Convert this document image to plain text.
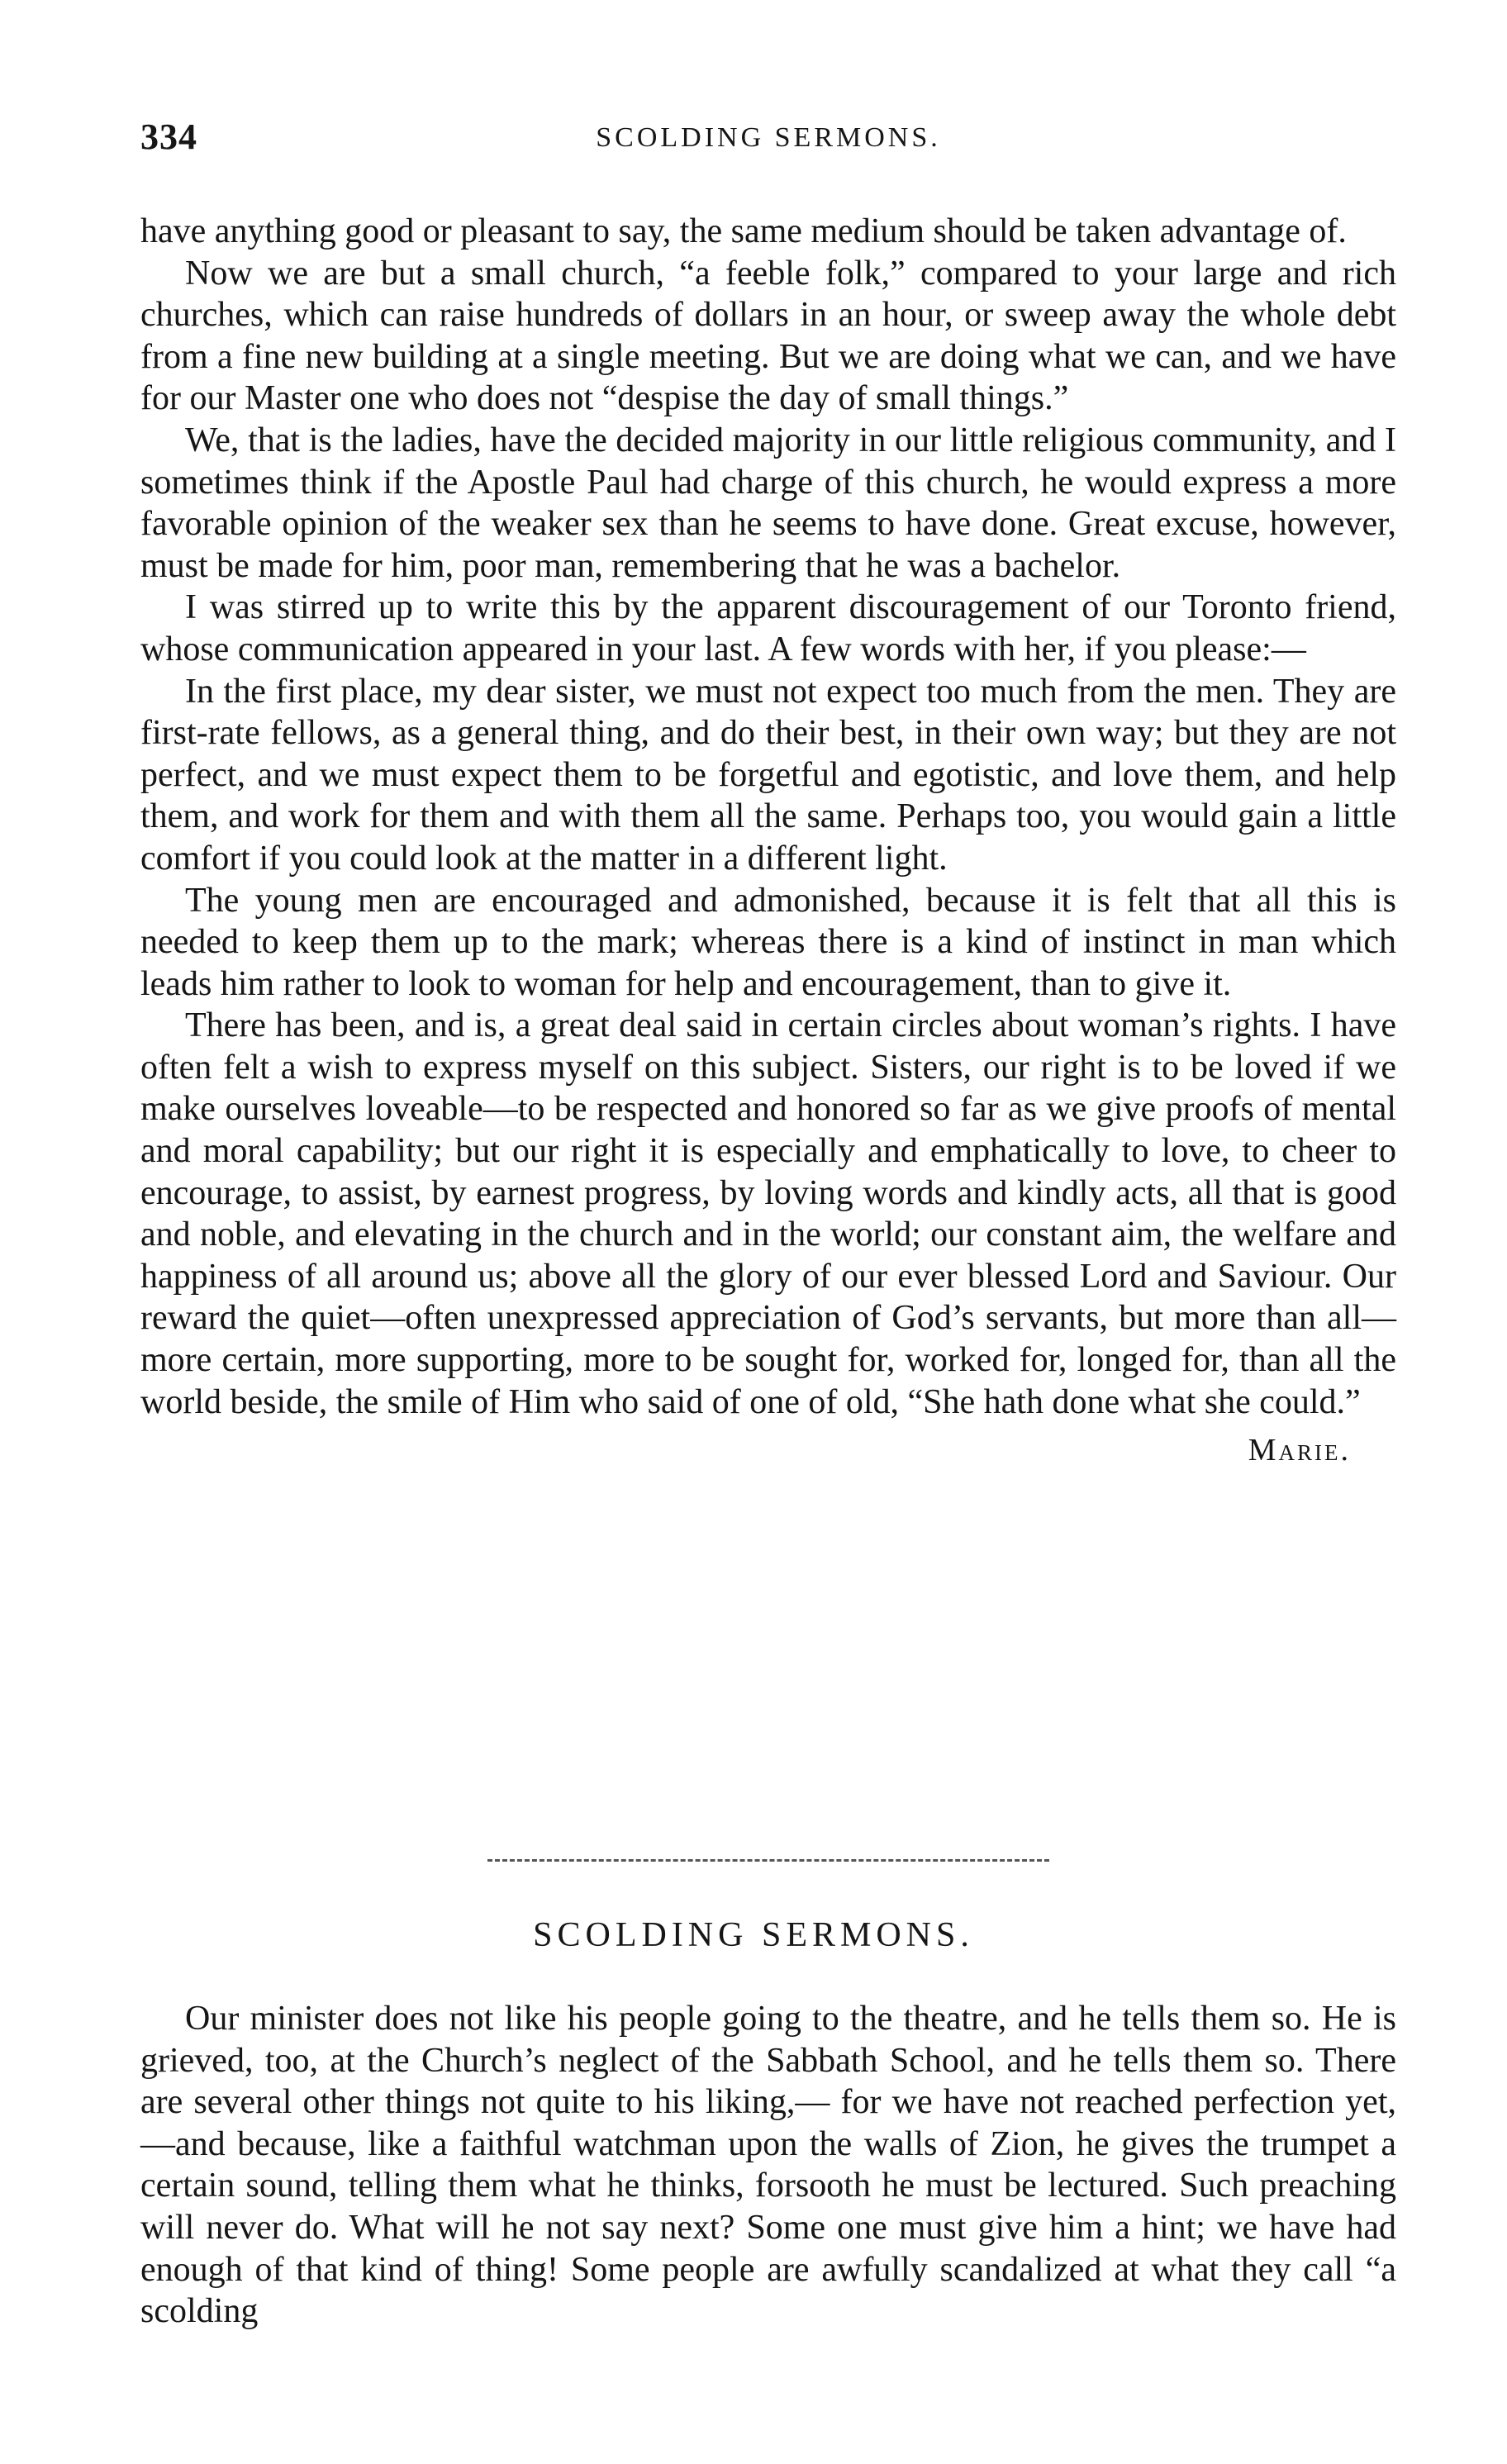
334	SCOLDING SERMONS.

have anything good or pleasant to say, the same medium should be taken advantage of.

Now we are but a small church, “a feeble folk,” compared to your large and rich churches, which can raise hundreds of dollars in an hour, or sweep away the whole debt from a fine new building at a single meeting. But we are doing what we can, and we have for our Master one who does not “despise the day of small things.”

We, that is the ladies, have the decided majority in our little religious community, and I sometimes think if the Apostle Paul had charge of this church, he would express a more favorable opinion of the weaker sex than he seems to have done. Great excuse, however, must be made for him, poor man, remembering that he was a bachelor.

I was stirred up to write this by the apparent discouragement of our Toronto friend, whose communication appeared in your last. A few words with her, if you please:—

In the first place, my dear sister, we must not expect too much from the men. They are first-rate fellows, as a general thing, and do their best, in their own way; but they are not perfect, and we must expect them to be forgetful and egotistic, and love them, and help them, and work for them and with them all the same. Perhaps too, you would gain a little comfort if you could look at the matter in a different light.

The young men are encouraged and admonished, because it is felt that all this is needed to keep them up to the mark; whereas there is a kind of instinct in man which leads him rather to look to woman for help and encouragement, than to give it.

There has been, and is, a great deal said in certain circles about woman’s rights. I have often felt a wish to express myself on this subject. Sisters, our right is to be loved if we make ourselves loveable—to be respected and honored so far as we give proofs of mental and moral capability; but our right it is especially and emphatically to love, to cheer to encourage, to assist, by earnest progress, by loving words and kindly acts, all that is good and noble, and elevating in the church and in the world; our constant aim, the welfare and happiness of all around us; above all the glory of our ever blessed Lord and Saviour. Our reward the quiet—often unexpressed appreciation of God’s servants, but more than all—more certain, more supporting, more to be sought for, worked for, longed for, than all the world beside, the smile of Him who said of one of old, “She hath done what she could.”

Marie.
SCOLDING SERMONS.

Our minister does not like his people going to the theatre, and he tells them so. He is grieved, too, at the Church’s neglect of the Sabbath School, and he tells them so. There are several other things not quite to his liking,— for we have not reached perfection yet,—and because, like a faithful watchman upon the walls of Zion, he gives the trumpet a certain sound, telling them what he thinks, forsooth he must be lectured. Such preaching will never do. What will he not say next? Some one must give him a hint; we have had enough of that kind of thing! Some people are awfully scandalized at what they call “a scolding
